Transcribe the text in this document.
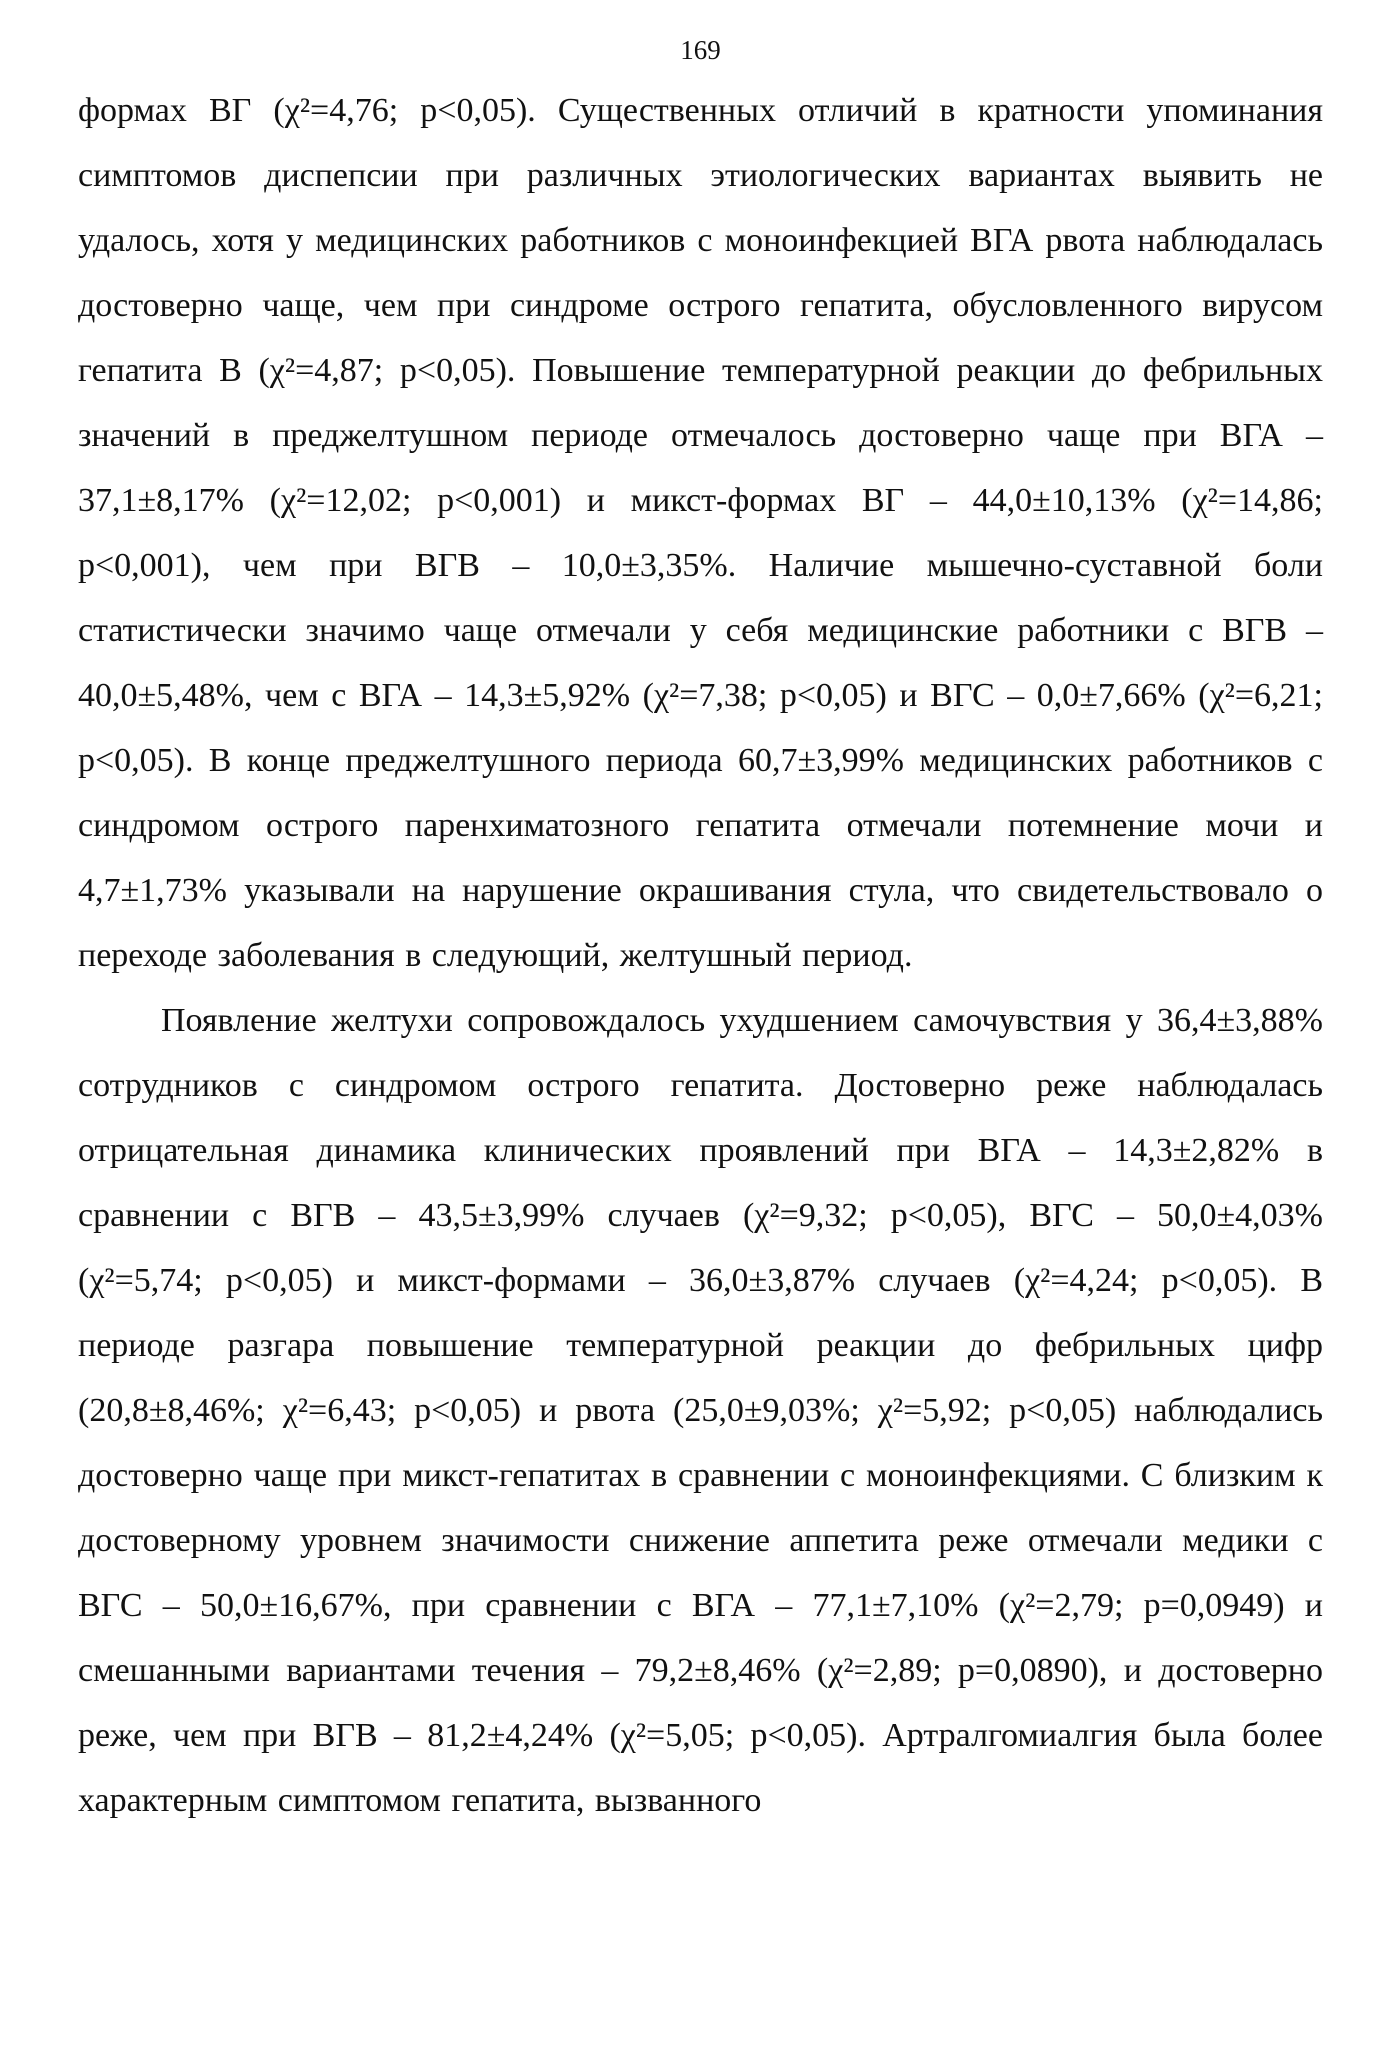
169

формах ВГ (χ²=4,76; р<0,05). Существенных отличий в кратности упоминания симптомов диспепсии при различных этиологических вариантах выявить не удалось, хотя у медицинских работников с моноинфекцией ВГА рвота наблюдалась достоверно чаще, чем при синдроме острого гепатита, обусловленного вирусом гепатита В (χ²=4,87; р<0,05). Повышение температурной реакции до фебрильных значений в преджелтушном периоде отмечалось достоверно чаще при ВГА – 37,1±8,17% (χ²=12,02; р<0,001) и микст-формах ВГ – 44,0±10,13% (χ²=14,86; р<0,001), чем при ВГВ – 10,0±3,35%. Наличие мышечно-суставной боли статистически значимо чаще отмечали у себя медицинские работники с ВГВ – 40,0±5,48%, чем с ВГА – 14,3±5,92% (χ²=7,38; р<0,05) и ВГС – 0,0±7,66% (χ²=6,21; р<0,05). В конце преджелтушного периода 60,7±3,99% медицинских работников с синдромом острого паренхиматозного гепатита отмечали потемнение мочи и 4,7±1,73% указывали на нарушение окрашивания стула, что свидетельствовало о переходе заболевания в следующий, желтушный период.

Появление желтухи сопровождалось ухудшением самочувствия у 36,4±3,88% сотрудников с синдромом острого гепатита. Достоверно реже наблюдалась отрицательная динамика клинических проявлений при ВГА – 14,3±2,82% в сравнении с ВГВ – 43,5±3,99% случаев (χ²=9,32; р<0,05), ВГС – 50,0±4,03% (χ²=5,74; р<0,05) и микст-формами – 36,0±3,87% случаев (χ²=4,24; р<0,05). В периоде разгара повышение температурной реакции до фебрильных цифр (20,8±8,46%; χ²=6,43; р<0,05) и рвота (25,0±9,03%; χ²=5,92; р<0,05) наблюдались достоверно чаще при микст-гепатитах в сравнении с моноинфекциями. С близким к достоверному уровнем значимости снижение аппетита реже отмечали медики с ВГС – 50,0±16,67%, при сравнении с ВГА – 77,1±7,10% (χ²=2,79; р=0,0949) и смешанными вариантами течения – 79,2±8,46% (χ²=2,89; р=0,0890), и достоверно реже, чем при ВГВ – 81,2±4,24% (χ²=5,05; р<0,05). Артралгомиалгия была более характерным симптомом гепатита, вызванного
